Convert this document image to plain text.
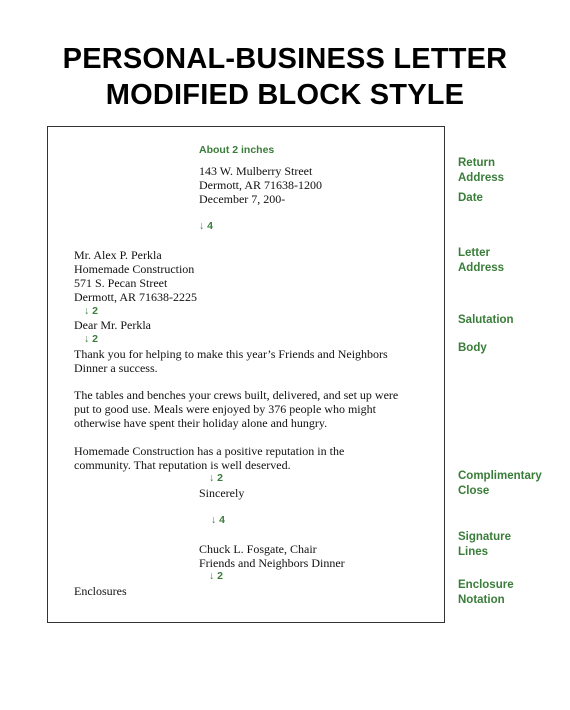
PERSONAL-BUSINESS LETTER
MODIFIED BLOCK STYLE
About 2 inches
143 W. Mulberry Street
Dermott, AR 71638-1200
December 7, 200-
↓ 4
Mr. Alex P. Perkla
Homemade Construction
571 S. Pecan Street
Dermott, AR 71638-2225
↓ 2
Dear Mr. Perkla
↓ 2
Thank you for helping to make this year’s Friends and Neighbors
Dinner a success.
The tables and benches your crews built, delivered, and set up were
put to good use. Meals were enjoyed by 376 people who might
otherwise have spent their holiday alone and hungry.
Homemade Construction has a positive reputation in the
community. That reputation is well deserved.
↓ 2
Sincerely
↓ 4
Chuck L. Fosgate, Chair
Friends and Neighbors Dinner
↓ 2
Enclosures
Return
Address
Date
Letter
Address
Salutation
Body
Complimentary
Close
Signature
Lines
Enclosure
Notation
